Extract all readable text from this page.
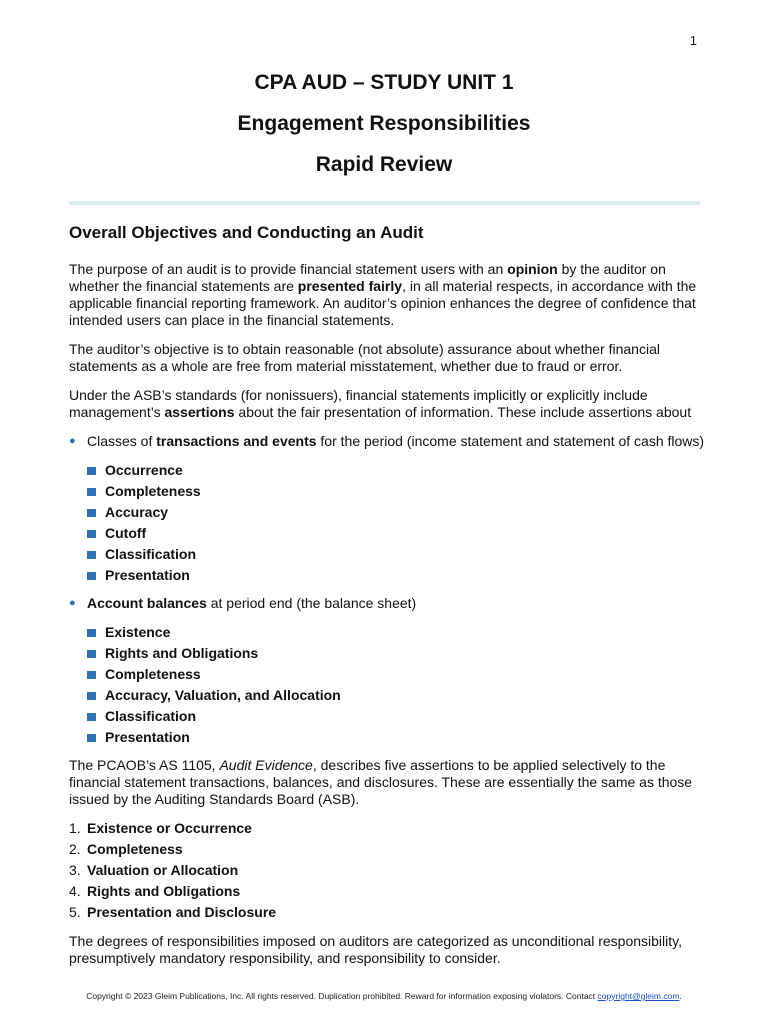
1

CPA AUD – STUDY UNIT 1

Engagement Responsibilities

Rapid Review

Overall Objectives and Conducting an Audit

The purpose of an audit is to provide financial statement users with an opinion by the auditor on whether the financial statements are presented fairly, in all material respects, in accordance with the applicable financial reporting framework. An auditor’s opinion enhances the degree of confidence that intended users can place in the financial statements.

The auditor’s objective is to obtain reasonable (not absolute) assurance about whether financial statements as a whole are free from material misstatement, whether due to fraud or error.

Under the ASB’s standards (for nonissuers), financial statements implicitly or explicitly include management’s assertions about the fair presentation of information. These include assertions about

● Classes of transactions and events for the period (income statement and statement of cash flows)
Occurrence
Completeness
Accuracy
Cutoff
Classification
Presentation
● Account balances at period end (the balance sheet)
Existence
Rights and Obligations
Completeness
Accuracy, Valuation, and Allocation
Classification
Presentation

The PCAOB’s AS 1105, Audit Evidence, describes five assertions to be applied selectively to the financial statement transactions, balances, and disclosures. These are essentially the same as those issued by the Auditing Standards Board (ASB).

1. Existence or Occurrence
2. Completeness
3. Valuation or Allocation
4. Rights and Obligations
5. Presentation and Disclosure

The degrees of responsibilities imposed on auditors are categorized as unconditional responsibility, presumptively mandatory responsibility, and responsibility to consider.

Copyright © 2023 Gleim Publications, Inc. All rights reserved. Duplication prohibited. Reward for information exposing violators. Contact copyright@gleim.com.
